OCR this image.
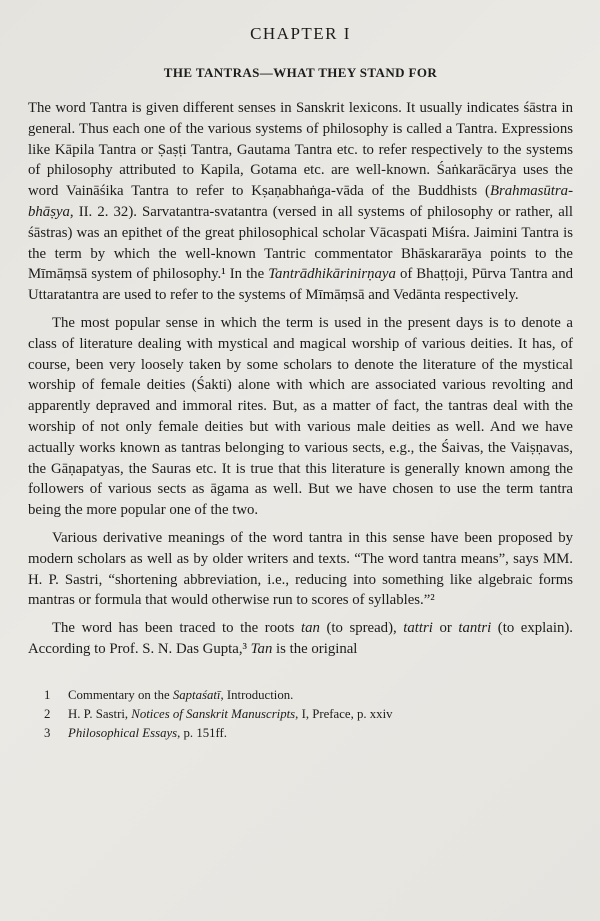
CHAPTER I
THE TANTRAS—WHAT THEY STAND FOR

The word Tantra is given different senses in Sanskrit lexicons. It usually indicates śāstra in general. Thus each one of the various systems of philosophy is called a Tantra. Expressions like Kāpila Tantra or Ṣaṣṭi Tantra, Gautama Tantra etc. to refer respectively to the systems of philosophy attributed to Kapila, Gotama etc. are well-known. Śaṅkarācārya uses the word Vaināśika Tantra to refer to Kṣaṇabhaṅga-vāda of the Buddhists (Brahmasūtra-bhāṣya, II. 2. 32). Sarvatantra-svatantra (versed in all systems of philosophy or rather, all śāstras) was an epithet of the great philosophical scholar Vācaspati Miśra. Jaimini Tantra is the term by which the well-known Tantric commentator Bhāskararāya points to the Mīmāṃsā system of philosophy.¹ In the Tantrādhikārinirṇaya of Bhaṭṭoji, Pūrva Tantra and Uttaratantra are used to refer to the systems of Mīmāṃsā and Vedānta respectively.

The most popular sense in which the term is used in the present days is to denote a class of literature dealing with mystical and magical worship of various deities. It has, of course, been very loosely taken by some scholars to denote the literature of the mystical worship of female deities (Śakti) alone with which are associated various revolting and apparently depraved and immoral rites. But, as a matter of fact, the tantras deal with the worship of not only female deities but with various male deities as well. And we have actually works known as tantras belonging to various sects, e.g., the Śaivas, the Vaiṣṇavas, the Gāṇapatyas, the Sauras etc. It is true that this literature is generally known among the followers of various sects as āgama as well. But we have chosen to use the term tantra being the more popular one of the two.

Various derivative meanings of the word tantra in this sense have been proposed by modern scholars as well as by older writers and texts. “The word tantra means”, says MM. H. P. Sastri, “shortening abbreviation, i.e., reducing into something like algebraic forms mantras or formula that would otherwise run to scores of syllables.”²

The word has been traced to the roots tan (to spread), tattri or tantri (to explain). According to Prof. S. N. Das Gupta,³ Tan is the original

1	Commentary on the Saptaśatī, Introduction.
2	H. P. Sastri, Notices of Sanskrit Manuscripts, I, Preface, p. xxiv
3	Philosophical Essays, p. 151ff.
